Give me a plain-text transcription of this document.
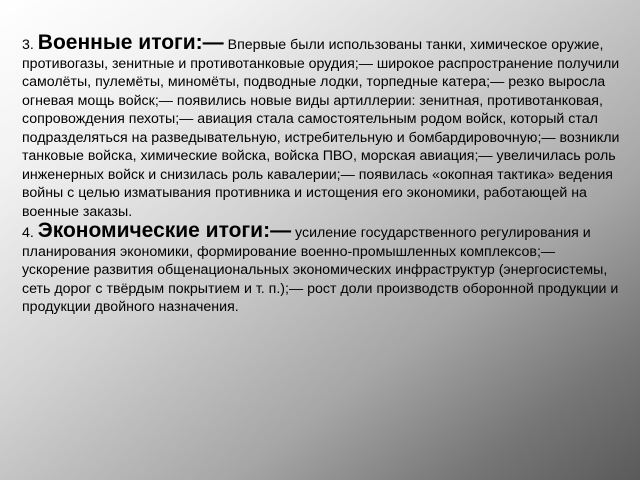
3. Военные итоги:— Впервые были использованы танки, химическое оружие, противогазы, зенитные и противотанковые орудия;— широкое распространение получили самолёты, пулемёты, миномёты, подводные лодки, торпедные катера;— резко выросла огневая мощь войск;— появились новые виды артиллерии: зенитная, противотанковая, сопровождения пехоты;— авиация стала самостоятельным родом войск, который стал подразделяться на разведывательную, истребительную и бомбардировочную;— возникли танковые войска, химические войска, войска ПВО, морская авиация;— увеличилась роль инженерных войск и снизилась роль кавалерии;— появилась «окопная тактика» ведения войны с целью изматывания противника и истощения его экономики, работающей на военные заказы.

4. Экономические итоги:— усиление государственного регулирования и планирования экономики, формирование военно-промышленных комплексов;— ускорение развития общенациональных экономических инфраструктур (энергосистемы, сеть дорог с твёрдым покрытием и т. п.);— рост доли производств оборонной продукции и продукции двойного назначения.
